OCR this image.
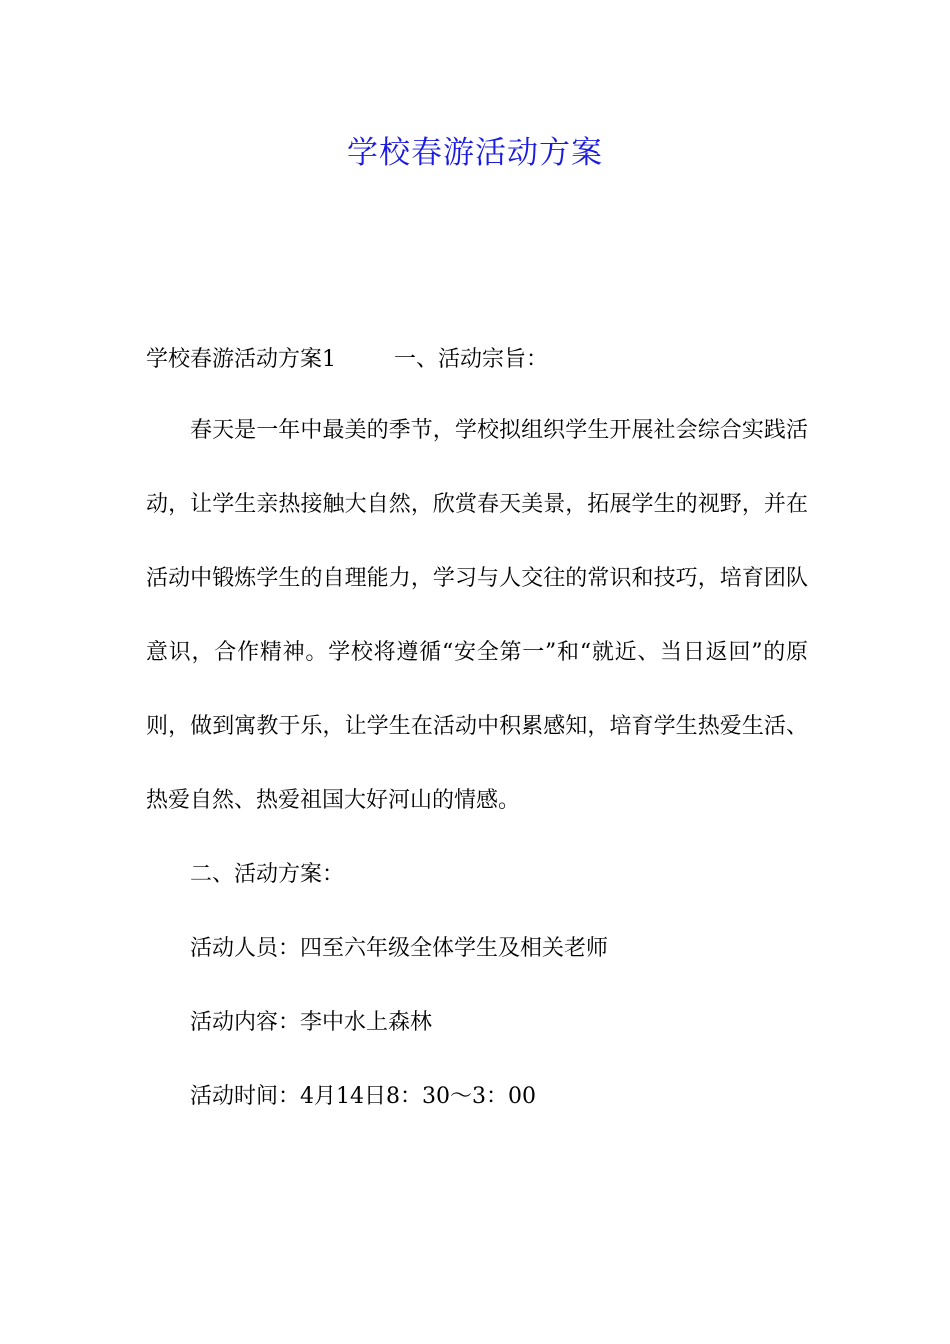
学校春游活动方案
学校春游活动方案1	一、活动宗旨：

春天是一年中最美的季节，学校拟组织学生开展社会综合实践活动，让学生亲热接触大自然，欣赏春天美景，拓展学生的视野，并在活动中锻炼学生的自理能力，学习与人交往的常识和技巧，培育团队意识，合作精神。学校将遵循“安全第一”和“就近、当日返回”的原则，做到寓教于乐，让学生在活动中积累感知，培育学生热爱生活、热爱自然、热爱祖国大好河山的情感。

二、活动方案：
活动人员：四至六年级全体学生及相关老师
活动内容：李中水上森林
活动时间：4月14日8：30～3：00
